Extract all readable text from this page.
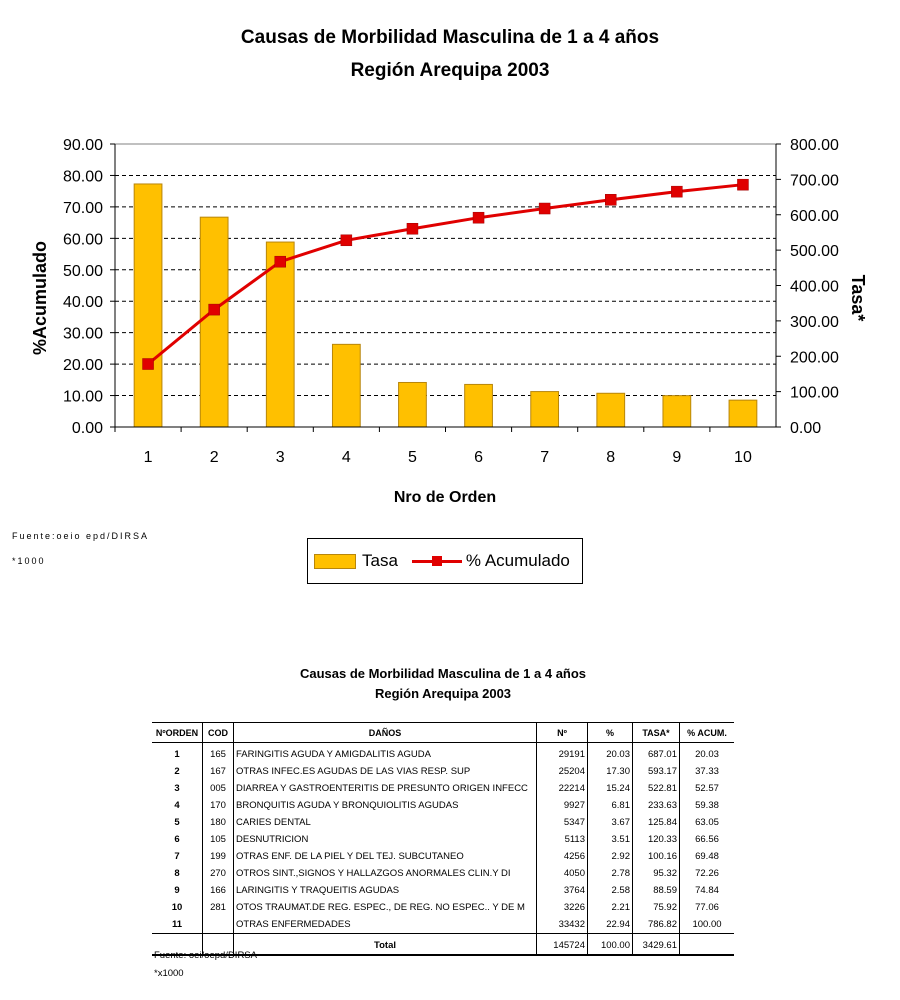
Causas de Morbilidad Masculina de 1 a 4 años
Región Arequipa 2003
0.00
10.00
20.00
30.00
40.00
50.00
60.00
70.00
80.00
90.00
0.00
100.00
200.00
300.00
400.00
500.00
600.00
700.00
800.00
1	2	3	4	5	6	7	8	9	10
%Acumulado	Tasa*
Nro de Orden
Fuente:oeio epd/DIRSA
*1000	Tasa	% Acumulado
Causas de Morbilidad Masculina de 1 a 4 años
Región Arequipa 2003
NºORDEN	COD	DAÑOS	Nº	%	TASA*	% ACUM.
1	165	FARINGITIS AGUDA Y AMIGDALITIS AGUDA	29191	20.03	687.01	20.03
2	167	OTRAS INFEC.ES AGUDAS DE LAS VIAS RESP. SUP	25204	17.30	593.17	37.33
3	005	DIARREA Y GASTROENTERITIS DE PRESUNTO ORIGEN INFECC	22214	15.24	522.81	52.57
4	170	BRONQUITIS AGUDA Y BRONQUIOLITIS AGUDAS	9927	6.81	233.63	59.38
5	180	CARIES DENTAL	5347	3.67	125.84	63.05
6	105	DESNUTRICION	5113	3.51	120.33	66.56
7	199	OTRAS ENF. DE LA PIEL Y DEL TEJ. SUBCUTANEO	4256	2.92	100.16	69.48
8	270	OTROS SINT.,SIGNOS Y HALLAZGOS ANORMALES CLIN.Y DI	4050	2.78	95.32	72.26
9	166	LARINGITIS Y TRAQUEITIS AGUDAS	3764	2.58	88.59	74.84
10	281	OTOS TRAUMAT.DE REG. ESPEC., DE REG. NO ESPEC.. Y DE M	3226	2.21	75.92	77.06
11		OTRAS ENFERMEDADES	33432	22.94	786.82	100.00
		Total	145724	100.00	3429.61	
Fuente: oei/oepd/DIRSA
*x1000
